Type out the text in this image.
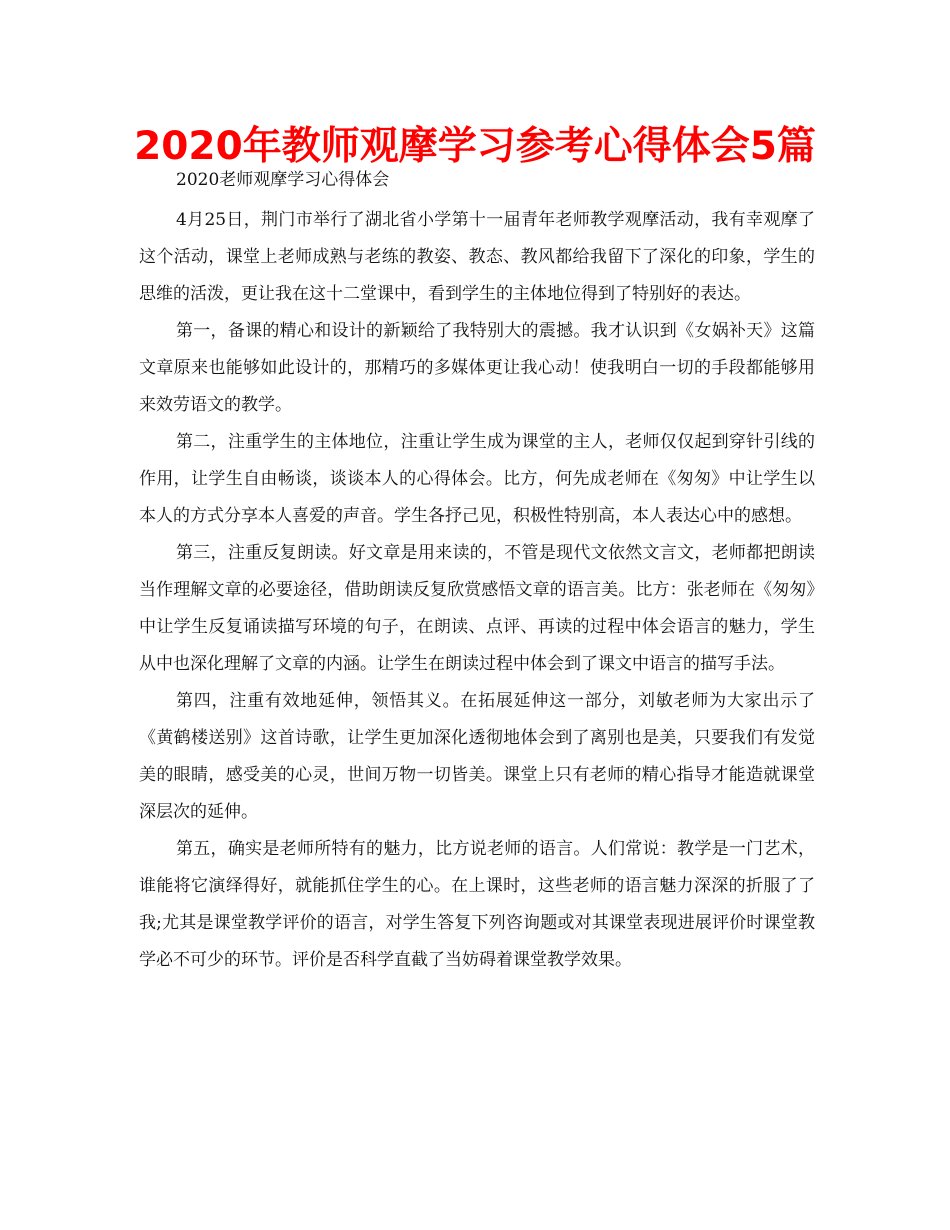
2020年教师观摩学习参考心得体会5篇

2020老师观摩学习心得体会

4月25日，荆门市举行了湖北省小学第十一届青年老师教学观摩活动，我有幸观摩了这个活动，课堂上老师成熟与老练的教姿、教态、教风都给我留下了深化的印象，学生的思维的活泼，更让我在这十二堂课中，看到学生的主体地位得到了特别好的表达。

第一，备课的精心和设计的新颖给了我特别大的震撼。我才认识到《女娲补天》这篇文章原来也能够如此设计的，那精巧的多媒体更让我心动！使我明白一切的手段都能够用来效劳语文的教学。

第二，注重学生的主体地位，注重让学生成为课堂的主人，老师仅仅起到穿针引线的作用，让学生自由畅谈，谈谈本人的心得体会。比方，何先成老师在《匆匆》中让学生以本人的方式分享本人喜爱的声音。学生各抒己见，积极性特别高，本人表达心中的感想。

第三，注重反复朗读。好文章是用来读的，不管是现代文依然文言文，老师都把朗读当作理解文章的必要途径，借助朗读反复欣赏感悟文章的语言美。比方：张老师在《匆匆》中让学生反复诵读描写环境的句子，在朗读、点评、再读的过程中体会语言的魅力，学生从中也深化理解了文章的内涵。让学生在朗读过程中体会到了课文中语言的描写手法。

第四，注重有效地延伸，领悟其义。在拓展延伸这一部分，刘敏老师为大家出示了《黄鹤楼送别》这首诗歌，让学生更加深化透彻地体会到了离别也是美，只要我们有发觉美的眼睛，感受美的心灵，世间万物一切皆美。课堂上只有老师的精心指导才能造就课堂深层次的延伸。

第五，确实是老师所特有的魅力，比方说老师的语言。人们常说：教学是一门艺术，谁能将它演绎得好，就能抓住学生的心。在上课时，这些老师的语言魅力深深的折服了了我;尤其是课堂教学评价的语言，对学生答复下列咨询题或对其课堂表现进展评价时课堂教学必不可少的环节。评价是否科学直截了当妨碍着课堂教学效果。
